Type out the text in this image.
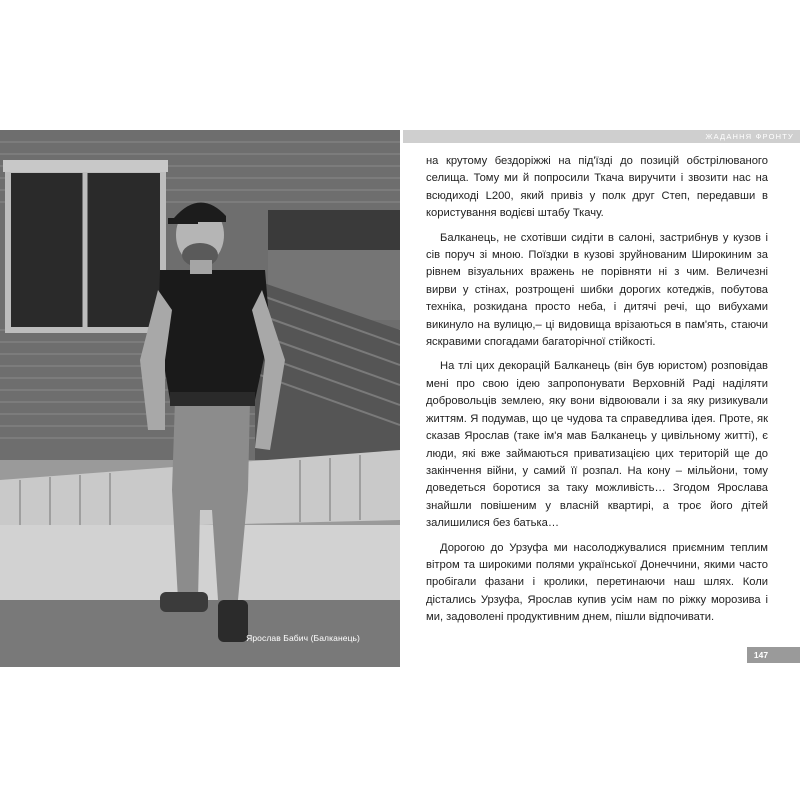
Ярослав Бабич (Балканець)
ЖАДАННЯ ФРОНТУ

на крутому бездоріжжі на під'їзді до позицій обстрілюваного селища. Тому ми й попросили Ткача виручити і звозити нас на всюдиході L200, який привіз у полк друг Степ, передавши в користування водієві штабу Ткачу.

Балканець, не схотівши сидіти в салоні, застрибнув у кузов і сів поруч зі мною. Поїздки в кузові зруйнованим Широкиним за рівнем візуальних вражень не порівняти ні з чим. Величезні вирви у стінах, розтрощені шибки дорогих котеджів, побутова техніка, розкидана просто неба, і дитячі речі, що вибухами викинуло на вулицю,– ці видовища врізаються в пам'ять, стаючи яскравими спогадами багаторічної стійкості.

На тлі цих декорацій Балканець (він був юристом) розповідав мені про свою ідею запропонувати Верховній Раді наділяти добровольців землею, яку вони відвоювали і за яку ризикували життям. Я подумав, що це чудова та справедлива ідея. Проте, як сказав Ярослав (таке ім'я мав Балканець у цивільному житті), є люди, які вже займаються приватизацією цих територій ще до закінчення війни, у самий її розпал. На кону – мільйони, тому доведеться боротися за таку можливість… Згодом Ярослава знайшли повішеним у власній квартирі, а троє його дітей залишилися без батька…

Дорогою до Урзуфа ми насолоджувалися приємним теплим вітром та широкими полями української Донеччини, якими часто пробігали фазани і кролики, перетинаючи наш шлях. Коли дістались Урзуфа, Ярослав купив усім нам по ріжку морозива і ми, задоволені продуктивним днем, пішли відпочивати.

147
